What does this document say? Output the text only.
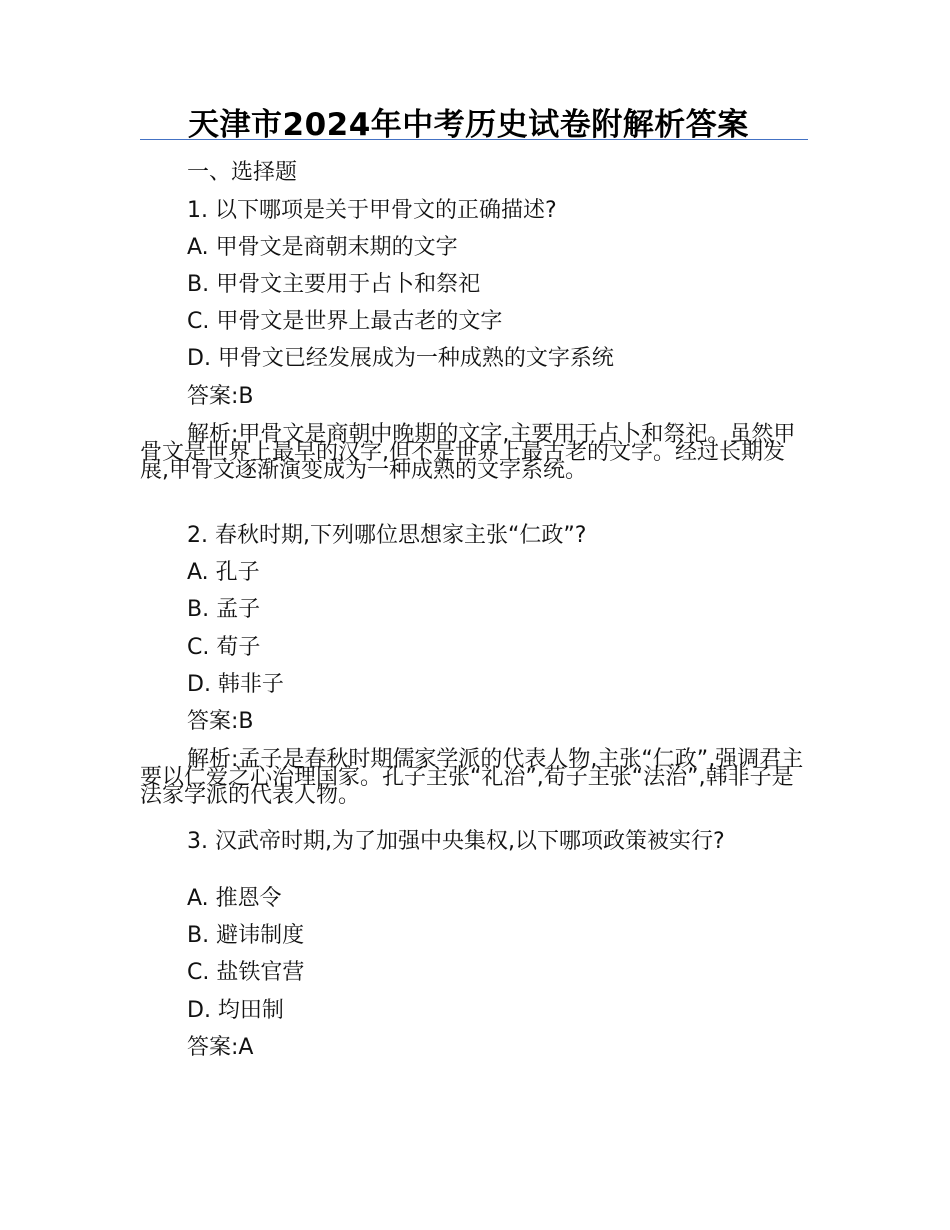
天津市2024年中考历史试卷附解析答案
一、选择题
1. 以下哪项是关于甲骨文的正确描述?
A. 甲骨文是商朝末期的文字
B. 甲骨文主要用于占卜和祭祀
C. 甲骨文是世界上最古老的文字
D. 甲骨文已经发展成为一种成熟的文字系统
答案:B
解析:甲骨文是商朝中晚期的文字,主要用于占卜和祭祀。虽然甲骨文是世界上最早的汉字,但不是世界上最古老的文字。经过长期发展,甲骨文逐渐演变成为一种成熟的文字系统。
2. 春秋时期,下列哪位思想家主张“仁政”?
A. 孔子
B. 孟子
C. 荀子
D. 韩非子
答案:B
解析:孟子是春秋时期儒家学派的代表人物,主张“仁政”,强调君主要以仁爱之心治理国家。孔子主张“礼治”,荀子主张“法治”,韩非子是法家学派的代表人物。
3. 汉武帝时期,为了加强中央集权,以下哪项政策被实行?
A. 推恩令
B. 避讳制度
C. 盐铁官营
D. 均田制
答案:A
